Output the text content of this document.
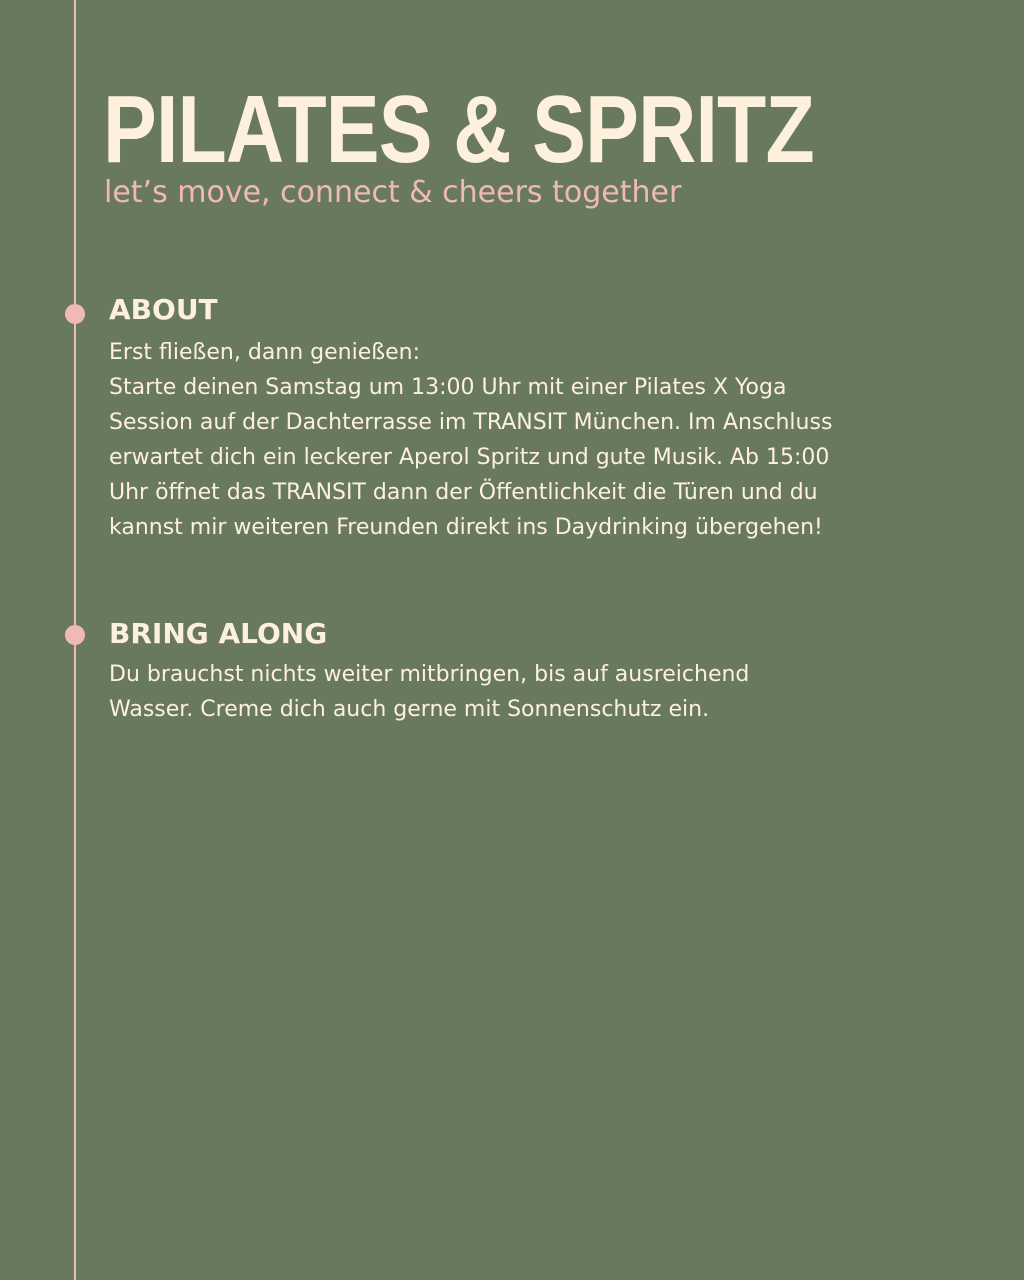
PILATES & SPRITZ

let’s move, connect & cheers together

ABOUT
Erst fließen, dann genießen:
Starte deinen Samstag um 13:00 Uhr mit einer Pilates X Yoga
Session auf der Dachterrasse im TRANSIT München. Im Anschluss
erwartet dich ein leckerer Aperol Spritz und gute Musik. Ab 15:00
Uhr öffnet das TRANSIT dann der Öffentlichkeit die Türen und du
kannst mir weiteren Freunden direkt ins Daydrinking übergehen!
BRING ALONG
Du brauchst nichts weiter mitbringen, bis auf ausreichend
Wasser. Creme dich auch gerne mit Sonnenschutz ein.
